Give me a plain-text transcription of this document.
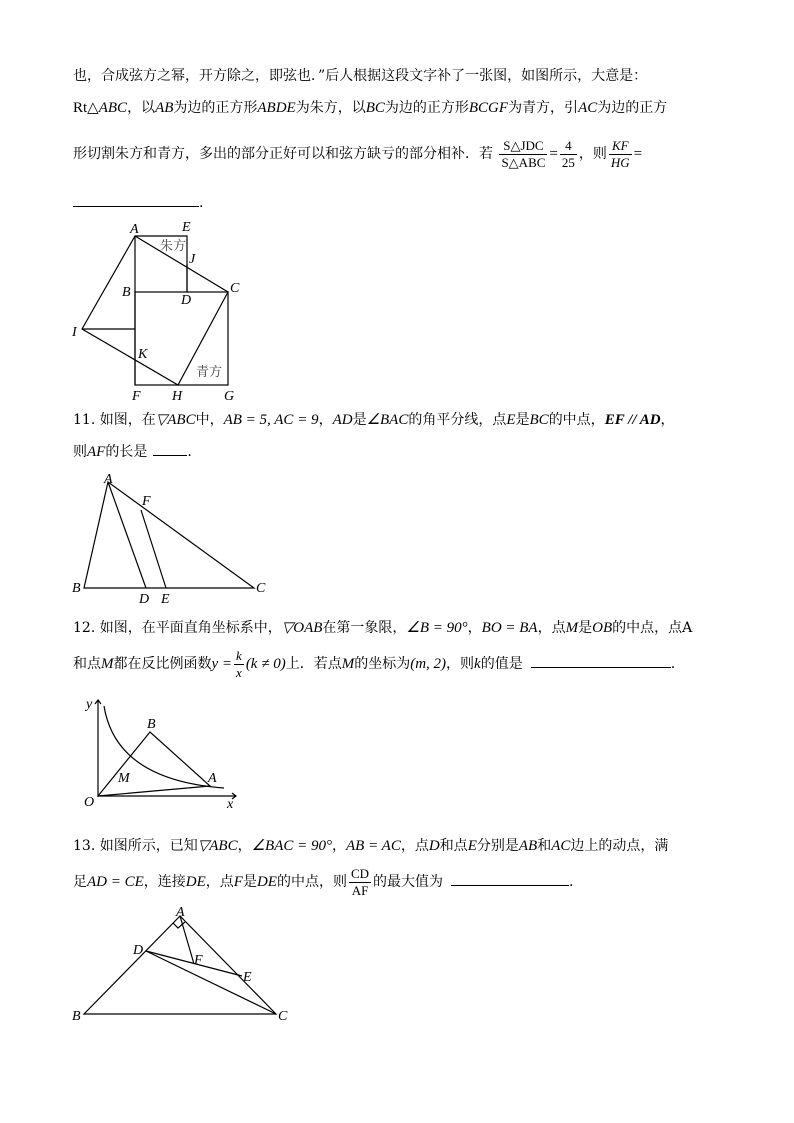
也，合成弦方之幂，开方除之，即弦也．”后人根据这段文字补了一张图，如图所示，大意是：
Rt△ABC，以AB为边的正方形ABDE为朱方，以BC为边的正方形BCGF为青方，引AC为边的正方
形切割朱方和青方，多出的部分正好可以和弦方缺亏的部分相补．若 $\frac{\text{S△JDC}}{\text{S△ABC}} = \frac{4}{25}$ ，则 $\frac{KF}{HG}$ =
.
A	E
J
B
D
C
I
K
F H	G
朱方
青方
11. 如图，在▽ABC中，AB = 5, AC = 9，AD是∠BAC的角平分线，点E是BC的中点，EF // AD，
则AF的长是	.
A
F
B
D E
C
12. 如图，在平面直角坐标系中，▽OAB在第一象限，∠B = 90°，BO = BA，点M是OB的中点，点A
和点M都在反比例函数$y = \frac{k}{x} (k \ne 0)$上．若点M的坐标为(m, 2)，则k的值是	.
y
B
M	A
O	x
13. 如图所示，已知▽ABC，∠BAC = 90°，AB = AC，点D和点E分别是AB和AC边上的动点，满
足AD = CE，连接DE，点F是DE的中点，则 $\frac{CD}{AF}$ 的最大值为	.
A
D
F
E
B	C
